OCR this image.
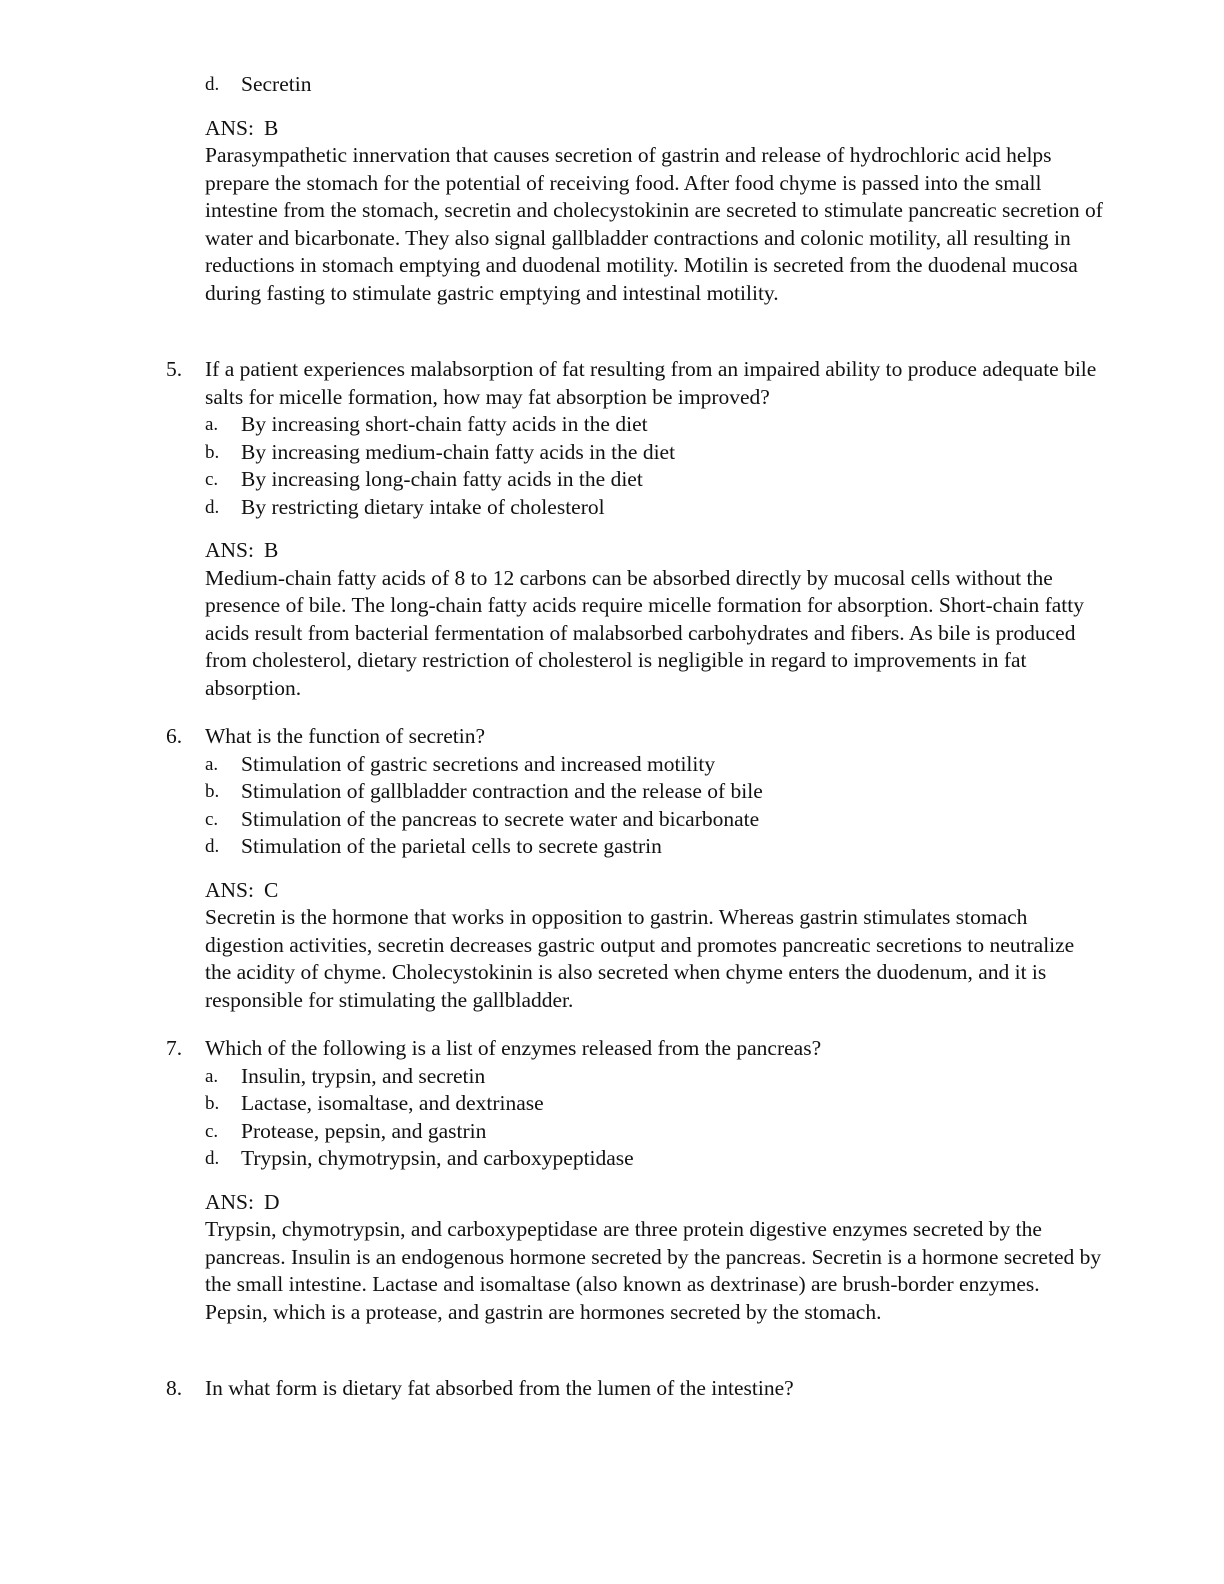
d. Secretin
ANS: B
Parasympathetic innervation that causes secretion of gastrin and release of hydrochloric acid helps prepare the stomach for the potential of receiving food. After food chyme is passed into the small intestine from the stomach, secretin and cholecystokinin are secreted to stimulate pancreatic secretion of water and bicarbonate. They also signal gallbladder contractions and colonic motility, all resulting in reductions in stomach emptying and duodenal motility. Motilin is secreted from the duodenal mucosa during fasting to stimulate gastric emptying and intestinal motility.
5. If a patient experiences malabsorption of fat resulting from an impaired ability to produce adequate bile salts for micelle formation, how may fat absorption be improved?
a. By increasing short-chain fatty acids in the diet
b. By increasing medium-chain fatty acids in the diet
c. By increasing long-chain fatty acids in the diet
d. By restricting dietary intake of cholesterol
ANS: B
Medium-chain fatty acids of 8 to 12 carbons can be absorbed directly by mucosal cells without the presence of bile. The long-chain fatty acids require micelle formation for absorption. Short-chain fatty acids result from bacterial fermentation of malabsorbed carbohydrates and fibers. As bile is produced from cholesterol, dietary restriction of cholesterol is negligible in regard to improvements in fat absorption.
6. What is the function of secretin?
a. Stimulation of gastric secretions and increased motility
b. Stimulation of gallbladder contraction and the release of bile
c. Stimulation of the pancreas to secrete water and bicarbonate
d. Stimulation of the parietal cells to secrete gastrin
ANS: C
Secretin is the hormone that works in opposition to gastrin. Whereas gastrin stimulates stomach digestion activities, secretin decreases gastric output and promotes pancreatic secretions to neutralize the acidity of chyme. Cholecystokinin is also secreted when chyme enters the duodenum, and it is responsible for stimulating the gallbladder.
7. Which of the following is a list of enzymes released from the pancreas?
a. Insulin, trypsin, and secretin
b. Lactase, isomaltase, and dextrinase
c. Protease, pepsin, and gastrin
d. Trypsin, chymotrypsin, and carboxypeptidase
ANS: D
Trypsin, chymotrypsin, and carboxypeptidase are three protein digestive enzymes secreted by the pancreas. Insulin is an endogenous hormone secreted by the pancreas. Secretin is a hormone secreted by the small intestine. Lactase and isomaltase (also known as dextrinase) are brush-border enzymes. Pepsin, which is a protease, and gastrin are hormones secreted by the stomach.
8. In what form is dietary fat absorbed from the lumen of the intestine?
